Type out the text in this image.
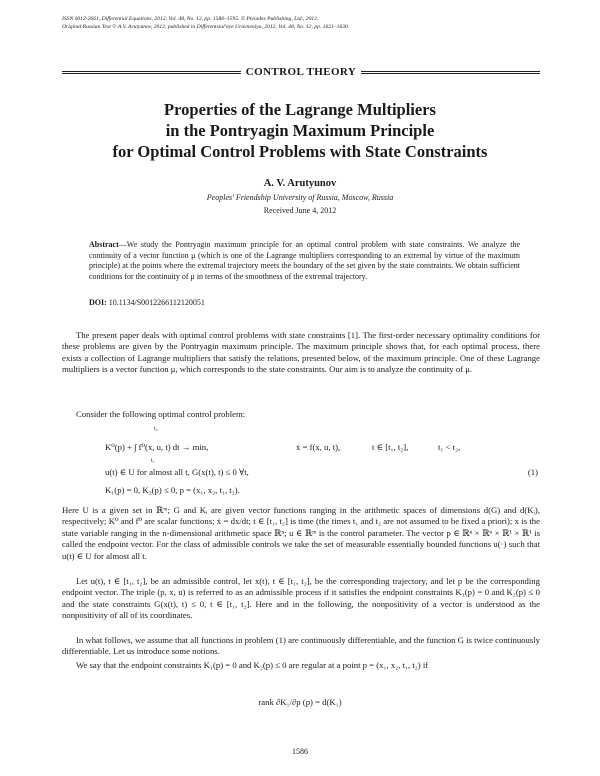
ISSN 0012-2661, Differential Equations, 2012, Vol. 48, No. 12, pp. 1586–1595. © Pleiades Publishing, Ltd., 2012.
Original Russian Text © A.V. Arutyunov, 2012, published in Differentsial'nye Uravneniya, 2012, Vol. 48, No. 12, pp. 1621–1630.
CONTROL THEORY
Properties of the Lagrange Multipliers
in the Pontryagin Maximum Principle
for Optimal Control Problems with State Constraints
A. V. Arutyunov
Peoples' Friendship University of Russia, Moscow, Russia
Received June 4, 2012
Abstract—We study the Pontryagin maximum principle for an optimal control problem with state constraints. We analyze the continuity of a vector function μ (which is one of the Lagrange multipliers corresponding to an extremal by virtue of the maximum principle) at the points where the extremal trajectory meets the boundary of the set given by the state constraints. We obtain sufficient conditions for the continuity of μ in terms of the smoothness of the extremal trajectory.
DOI: 10.1134/S0012266112120051
The present paper deals with optimal control problems with state constraints [1]. The first-order necessary optimality conditions for these problems are given by the Pontryagin maximum principle. The maximum principle shows that, for each optimal process, there exists a collection of Lagrange multipliers that satisfy the relations, presented below, of the maximum principle. One of these Lagrange multipliers is a vector function μ, which corresponds to the state constraints. Our aim is to analyze the continuity of μ.
Consider the following optimal control problem:
K⁰(p) + ∫ f⁰(x, u, t) dt → min,
t₂
t₁
ẋ = f(x, u, t),	t ∈ [t₁, t₂],	t₁ < t₂,
u(t) ∈ U for almost all t, G(x(t), t) ≤ 0 ∀t,
K₁(p) = 0, K₂(p) ≤ 0, p = (x₁, x₂, t₁, t₂).
(1)
Here U is a given set in ℝᵐ; G and Kᵢ are given vector functions ranging in the arithmetic spaces of dimensions d(G) and d(Kᵢ), respectively; K⁰ and f⁰ are scalar functions; ẋ = dx/dt; t ∈ [t₁, t₂] is time (the times t₁ and t₂ are not assumed to be fixed a priori); x is the state variable ranging in the n-dimensional arithmetic space ℝⁿ; u ∈ ℝᵐ is the control parameter. The vector p ∈ ℝⁿ × ℝⁿ × ℝ¹ × ℝ¹ is called the endpoint vector. For the class of admissible controls we take the set of measurable essentially bounded functions u(·) such that u(t) ∈ U for almost all t.
Let u(t), t ∈ [t₁, t₂], be an admissible control, let x(t), t ∈ [t₁, t₂], be the corresponding trajectory, and let p be the corresponding endpoint vector. The triple (p, x, u) is referred to as an admissible process if it satisfies the endpoint constraints K₁(p) = 0 and K₂(p) ≤ 0 and the state constraints G(x(t), t) ≤ 0, t ∈ [t₁, t₂]. Here and in the following, the nonpositivity of a vector is understood as the nonpositivity of all of its coordinates.
In what follows, we assume that all functions in problem (1) are continuously differentiable, and the function G is twice continuously differentiable. Let us introduce some notions.
We say that the endpoint constraints K₁(p) = 0 and K₂(p) ≤ 0 are regular at a point p = (x₁, x₂, t₁, t₂) if
rank ∂K₁/∂p (p) = d(K₁)
1586
